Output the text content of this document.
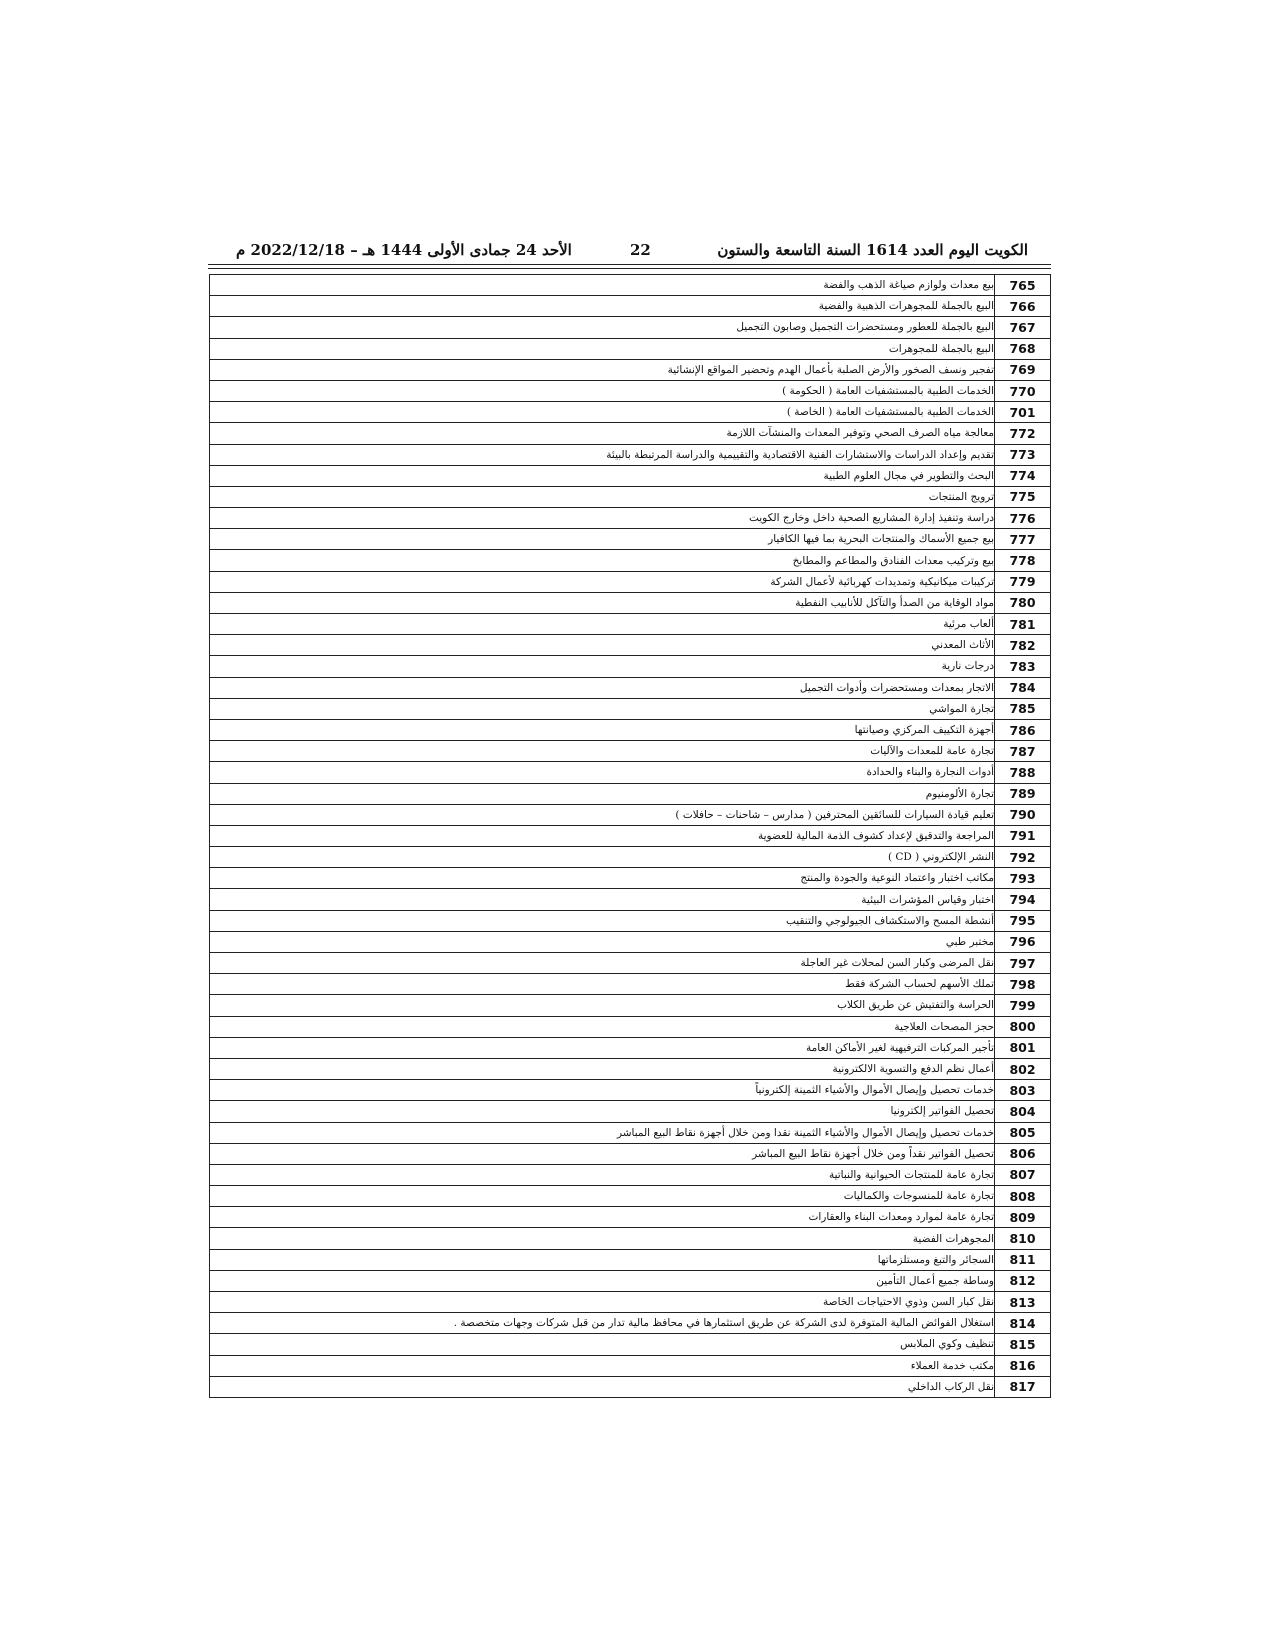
الكويت اليوم العدد 1614 السنة التاسعة والستون
22
الأحد 24 جمادى الأولى 1444 هـ – 2022/12/18 م
765	بيع معدات ولوازم صياغة الذهب والفضة
766	البيع بالجملة للمجوهرات الذهبية والفضية
767	البيع بالجملة للعطور ومستحضرات التجميل وصابون التجميل
768	البيع بالجملة للمجوهرات
769	تفجير ونسف الصخور والأرض الصلبة بأعمال الهدم وتحضير المواقع الإنشائية
770	الخدمات الطبية بالمستشفيات العامة ( الحكومة )
701	الخدمات الطبية بالمستشفيات العامة ( الخاصة )
772	معالجة مياه الصرف الصحي وتوفير المعدات والمنشآت اللازمة
773	تقديم وإعداد الدراسات والاستشارات الفنية الاقتصادية والتقييمية والدراسة المرتبطة بالبيئة
774	البحث والتطوير في مجال العلوم الطبية
775	ترويج المنتجات
776	دراسة وتنفيذ إدارة المشاريع الصحية داخل وخارج الكويت
777	بيع جميع الأسماك والمنتجات البحرية بما فيها الكافيار
778	بيع وتركيب معدات الفنادق والمطاعم والمطابخ
779	تركيبات ميكانيكية وتمديدات كهربائية لأعمال الشركة
780	مواد الوقاية من الصدأ والتآكل للأنابيب النفطية
781	ألعاب مرئية
782	الأثاث المعدني
783	درجات نارية
784	الاتجار بمعدات ومستحضرات وأدوات التجميل
785	تجارة المواشي
786	أجهزة التكييف المركزي وصيانتها
787	تجارة عامة للمعدات والآليات
788	أدوات النجارة والبناء والحدادة
789	تجارة الألومنيوم
790	تعليم قيادة السيارات للسائقين المحترفين ( مدارس – شاحنات – حافلات )
791	المراجعة والتدقيق لإعداد كشوف الذمة المالية للعضوية
792	النشر الإلكتروني ( CD )
793	مكاتب اختبار واعتماد النوعية والجودة والمنتج
794	اختبار وقياس المؤشرات البيئية
795	أنشطة المسح والاستكشاف الجيولوجي والتنقيب
796	مختبر طبي
797	نقل المرضى وكبار السن لمحلات غير العاجلة
798	تملك الأسهم لحساب الشركة فقط
799	الحراسة والتفتيش عن طريق الكلاب
800	حجز المصحات العلاجية
801	تأجير المركبات الترفيهية لغير الأماكن العامة
802	أعمال نظم الدفع والتسوية الالكترونية
803	خدمات تحصيل وإيصال الأموال والأشياء الثمينة إلكترونياً
804	تحصيل الفواتير إلكترونيا
805	خدمات تحصيل وإيصال الأموال والأشياء الثمينة نقدا ومن خلال أجهزة نقاط البيع المباشر
806	تحصيل الفواتير نقداً ومن خلال أجهزة نقاط البيع المباشر
807	تجارة عامة للمنتجات الحيوانية والنباتية
808	تجارة عامة للمنسوجات والكماليات
809	تجارة عامة لموارد ومعدات البناء والعقارات
810	المجوهرات الفضية
811	السجائر والتبغ ومستلزماتها
812	وساطة جميع أعمال التأمين
813	نقل كبار السن وذوي الاحتياجات الخاصة
814	استغلال الفوائض المالية المتوفرة لدى الشركة عن طريق استثمارها في محافظ مالية تدار من قبل شركات وجهات متخصصة .
815	تنظيف وكوي الملابس
816	مكتب خدمة العملاء
817	نقل الركاب الداخلي
